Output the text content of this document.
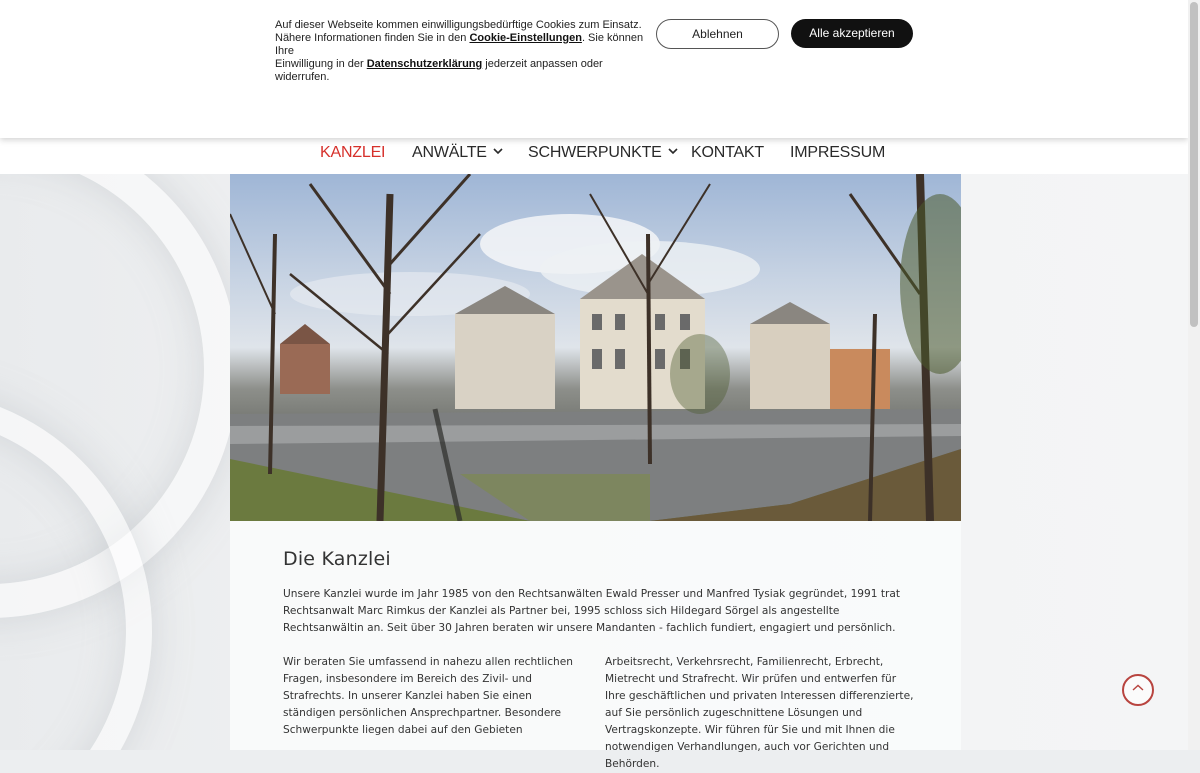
Auf dieser Webseite kommen einwilligungsbedürftige Cookies zum Einsatz.
Nähere Informationen finden Sie in den Cookie-Einstellungen. Sie können Ihre
Einwilligung in der Datenschutzerklärung jederzeit anpassen oder widerrufen.
Ablehnen	Alle akzeptieren
KANZLEI ANWÄLTE	SCHWERPUNKTE	KONTAKT IMPRESSUM
Die Kanzlei

Unsere Kanzlei wurde im Jahr 1985 von den Rechtsanwälten Ewald Presser und Manfred Tysiak gegründet, 1991 trat Rechtsanwalt Marc Rimkus der Kanzlei als Partner bei, 1995 schloss sich Hildegard Sörgel als angestellte Rechtsanwältin an. Seit über 30 Jahren beraten wir unsere Mandanten - fachlich fundiert, engagiert und persönlich.

Wir beraten Sie umfassend in nahezu allen rechtlichen Fragen, insbesondere im Bereich des Zivil- und Strafrechts. In unserer Kanzlei haben Sie einen ständigen persönlichen Ansprechpartner. Besondere Schwerpunkte liegen dabei auf den Gebieten

Arbeitsrecht, Verkehrsrecht, Familienrecht, Erbrecht, Mietrecht und Strafrecht. Wir prüfen und entwerfen für Ihre geschäftlichen und privaten Interessen differenzierte, auf Sie persönlich zugeschnittene Lösungen und Vertragskonzepte. Wir führen für Sie und mit Ihnen die notwendigen Verhandlungen, auch vor Gerichten und Behörden.
